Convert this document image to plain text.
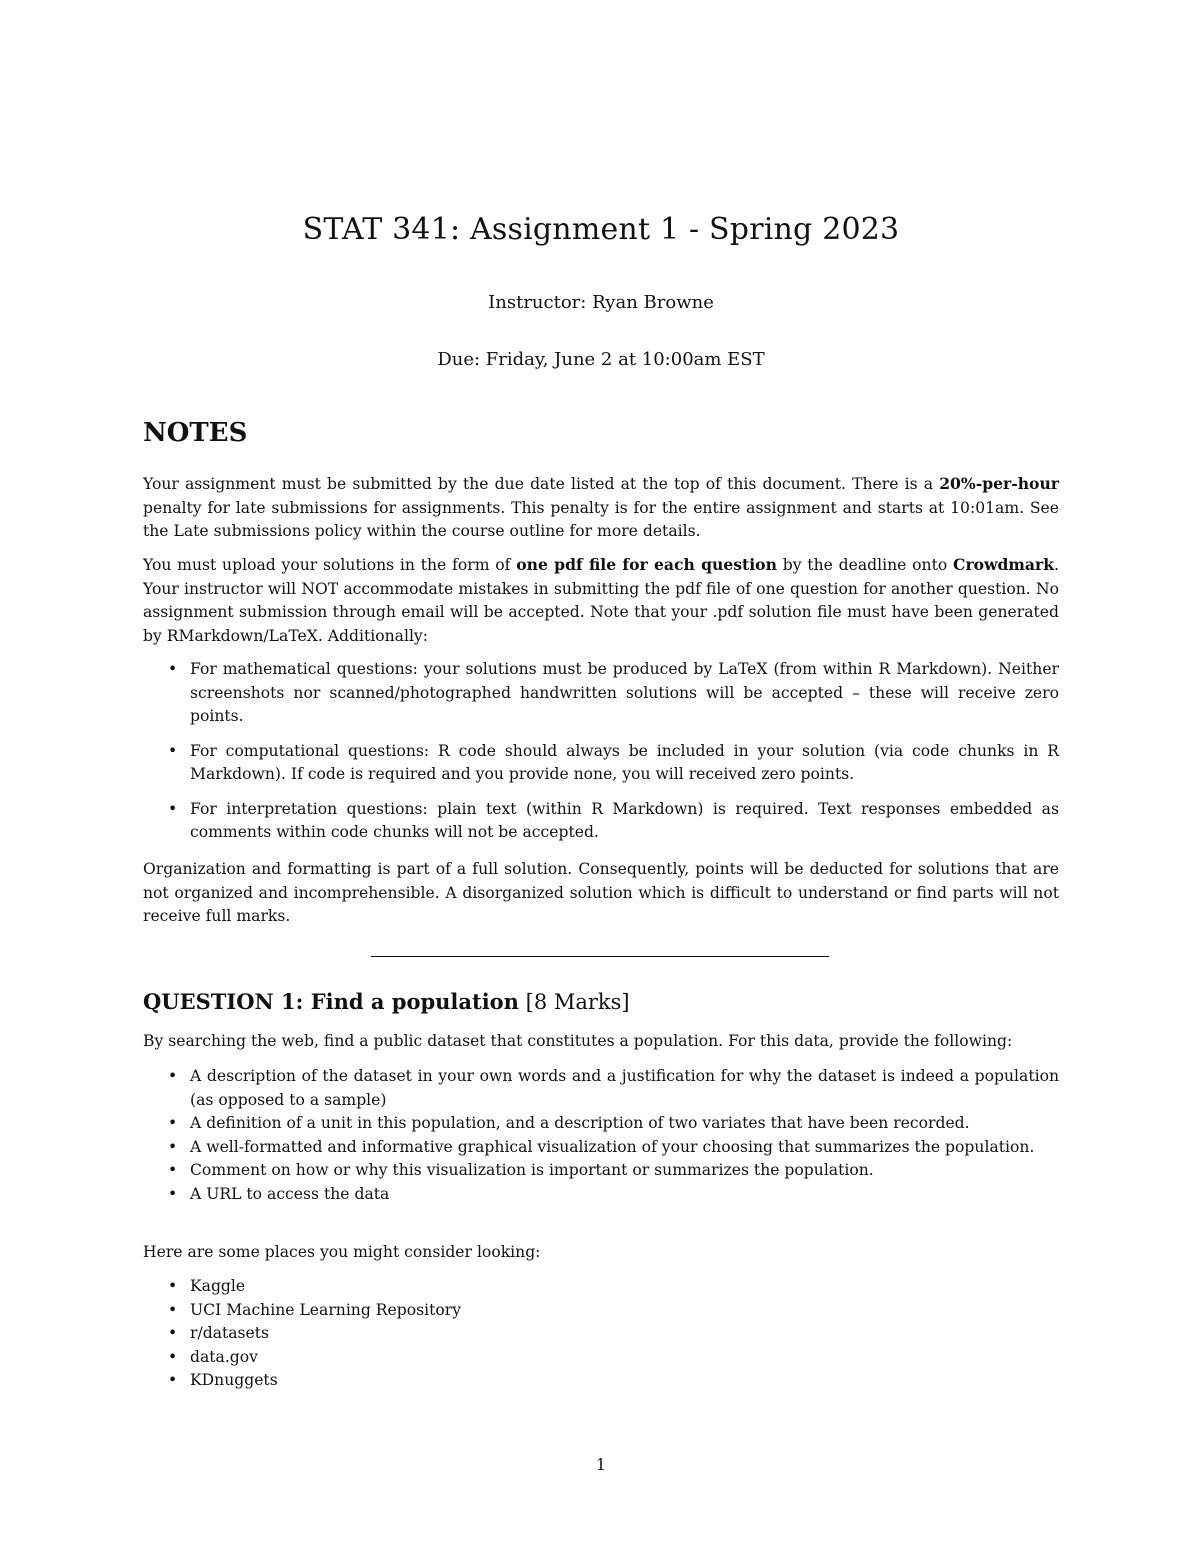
STAT 341: Assignment 1 - Spring 2023

Instructor: Ryan Browne

Due: Friday, June 2 at 10:00am EST

NOTES

Your assignment must be submitted by the due date listed at the top of this document. There is a 20%-per-hour penalty for late submissions for assignments. This penalty is for the entire assignment and starts at 10:01am. See the Late submissions policy within the course outline for more details.

You must upload your solutions in the form of one pdf file for each question by the deadline onto Crowdmark. Your instructor will NOT accommodate mistakes in submitting the pdf file of one question for another question. No assignment submission through email will be accepted. Note that your .pdf solution file must have been generated by RMarkdown/LaTeX. Additionally:

• For mathematical questions: your solutions must be produced by LaTeX (from within R Markdown). Neither screenshots nor scanned/photographed handwritten solutions will be accepted – these will receive zero points.
• For computational questions: R code should always be included in your solution (via code chunks in R Markdown). If code is required and you provide none, you will received zero points.
• For interpretation questions: plain text (within R Markdown) is required. Text responses embedded as comments within code chunks will not be accepted.

Organization and formatting is part of a full solution. Consequently, points will be deducted for solutions that are not organized and incomprehensible. A disorganized solution which is difficult to understand or find parts will not receive full marks.

QUESTION 1: Find a population [8 Marks]

By searching the web, find a public dataset that constitutes a population. For this data, provide the following:

• A description of the dataset in your own words and a justification for why the dataset is indeed a population (as opposed to a sample)
• A definition of a unit in this population, and a description of two variates that have been recorded.
• A well-formatted and informative graphical visualization of your choosing that summarizes the population.
• Comment on how or why this visualization is important or summarizes the population.
• A URL to access the data

Here are some places you might consider looking:

• Kaggle
• UCI Machine Learning Repository
• r/datasets
• data.gov
• KDnuggets

1
